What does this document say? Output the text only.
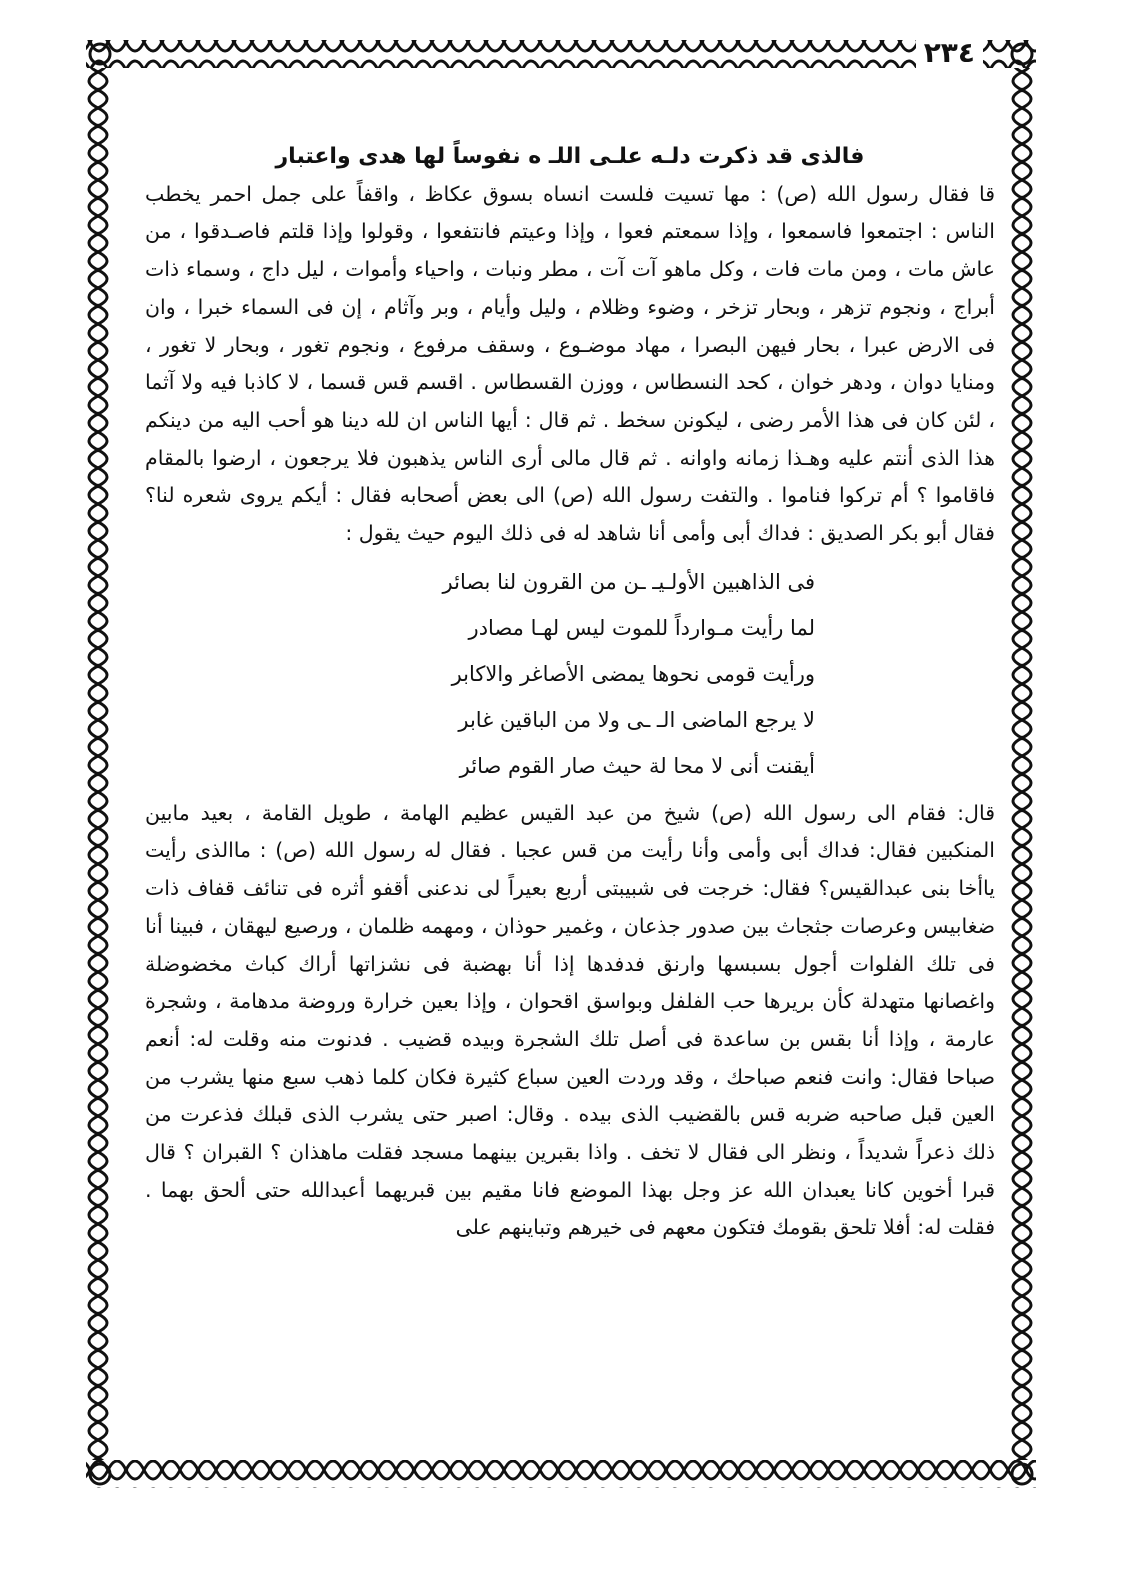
٢٣٤

فالذى قد ذكرت دلـه علـى اللـ ه نفوساً لها هدى واعتبار

قا فقال رسول الله (ص) : مها تسيت فلست انساه بسوق عكاظ ، واقفاً على جمل احمر يخطب الناس : اجتمعوا فاسمعوا ، وإذا سمعتم فعوا ، وإذا وعيتم فانتفعوا ، وقولوا وإذا قلتم فاصـدقوا ، من عاش مات ، ومن مات فات ، وكل ماهو آت آت ، مطر ونبات ، واحياء وأموات ، ليل داج ، وسماء ذات أبراج ، ونجوم تزهر ، وبحار تزخر ، وضوء وظلام ، وليل وأيام ، وبر وآثام ، إن فى السماء خبرا ، وان فى الارض عبرا ، بحار فيهن البصرا ، مهاد موضـوع ، وسقف مرفوع ، ونجوم تغور ، وبحار لا تغور ، ومنايا دوان ، ودهر خوان ، كحد النسطاس ، ووزن القسطاس . اقسم قس قسما ، لا كاذبا فيه ولا آثما ، لئن كان فى هذا الأمر رضى ، ليكونن سخط . ثم قال : أيها الناس ان لله دينا هو أحب اليه من دينكم هذا الذى أنتم عليه وهـذا زمانه واوانه . ثم قال مالى أرى الناس يذهبون فلا يرجعون ، ارضوا بالمقام فاقاموا ؟ أم تركوا فناموا . والتفت رسول الله (ص) الى بعض أصحابه فقال : أيكم يروى شعره لنا؟ فقال أبو بكر الصديق : فداك أبى وأمى أنا شاهد له فى ذلك اليوم حيث يقول :

فى الذاهبين الأولـيـ ـن من القرون لنا بصائر
لما رأيت مـوارداً للموت ليس لهـا مصادر
ورأيت قومى نحوها يمضى الأصاغر والاكابر
لا يرجع الماضى الـ ـى ولا من الباقين غابر
أيقنت أنى لا محا لة حيث صار القوم صائر

قال: فقام الى رسول الله (ص) شيخ من عبد القيس عظيم الهامة ، طويل القامة ، بعيد مابين المنكبين فقال: فداك أبى وأمى وأنا رأيت من قس عجبا . فقال له رسول الله (ص) : ماالذى رأيت ياأخا بنى عبدالقيس؟ فقال: خرجت فى شبيبتى أربع بعيراً لى ندعنى أقفو أثره فى تنائف قفاف ذات ضغابيس وعرصات جثجاث بين صدور جذعان ، وغمير حوذان ، ومهمه ظلمان ، ورصيع ليهقان ، فبينا أنا فى تلك الفلوات أجول بسبسها وارنق فدفدها إذا أنا بهضبة فى نشزاتها أراك كباث مخضوضلة واغصانها متهدلة كأن بريرها حب الفلفل وبواسق اقحوان ، وإذا بعين خرارة وروضة مدهامة ، وشجرة عارمة ، وإذا أنا بقس بن ساعدة فى أصل تلك الشجرة وبيده قضيب . فدنوت منه وقلت له: أنعم صباحا فقال: وانت فنعم صباحك ، وقد وردت العين سباع كثيرة فكان كلما ذهب سبع منها يشرب من العين قبل صاحبه ضربه قس بالقضيب الذى بيده . وقال: اصبر حتى يشرب الذى قبلك فذعرت من ذلك ذعراً شديداً ، ونظر الى فقال لا تخف . واذا بقبرين بينهما مسجد فقلت ماهذان ؟ القبران ؟ قال قبرا أخوين كانا يعبدان الله عز وجل بهذا الموضع فانا مقيم بين قبريهما أعبدالله حتى ألحق بهما . فقلت له: أفلا تلحق بقومك فتكون معهم فى خيرهم وتباينهم على
